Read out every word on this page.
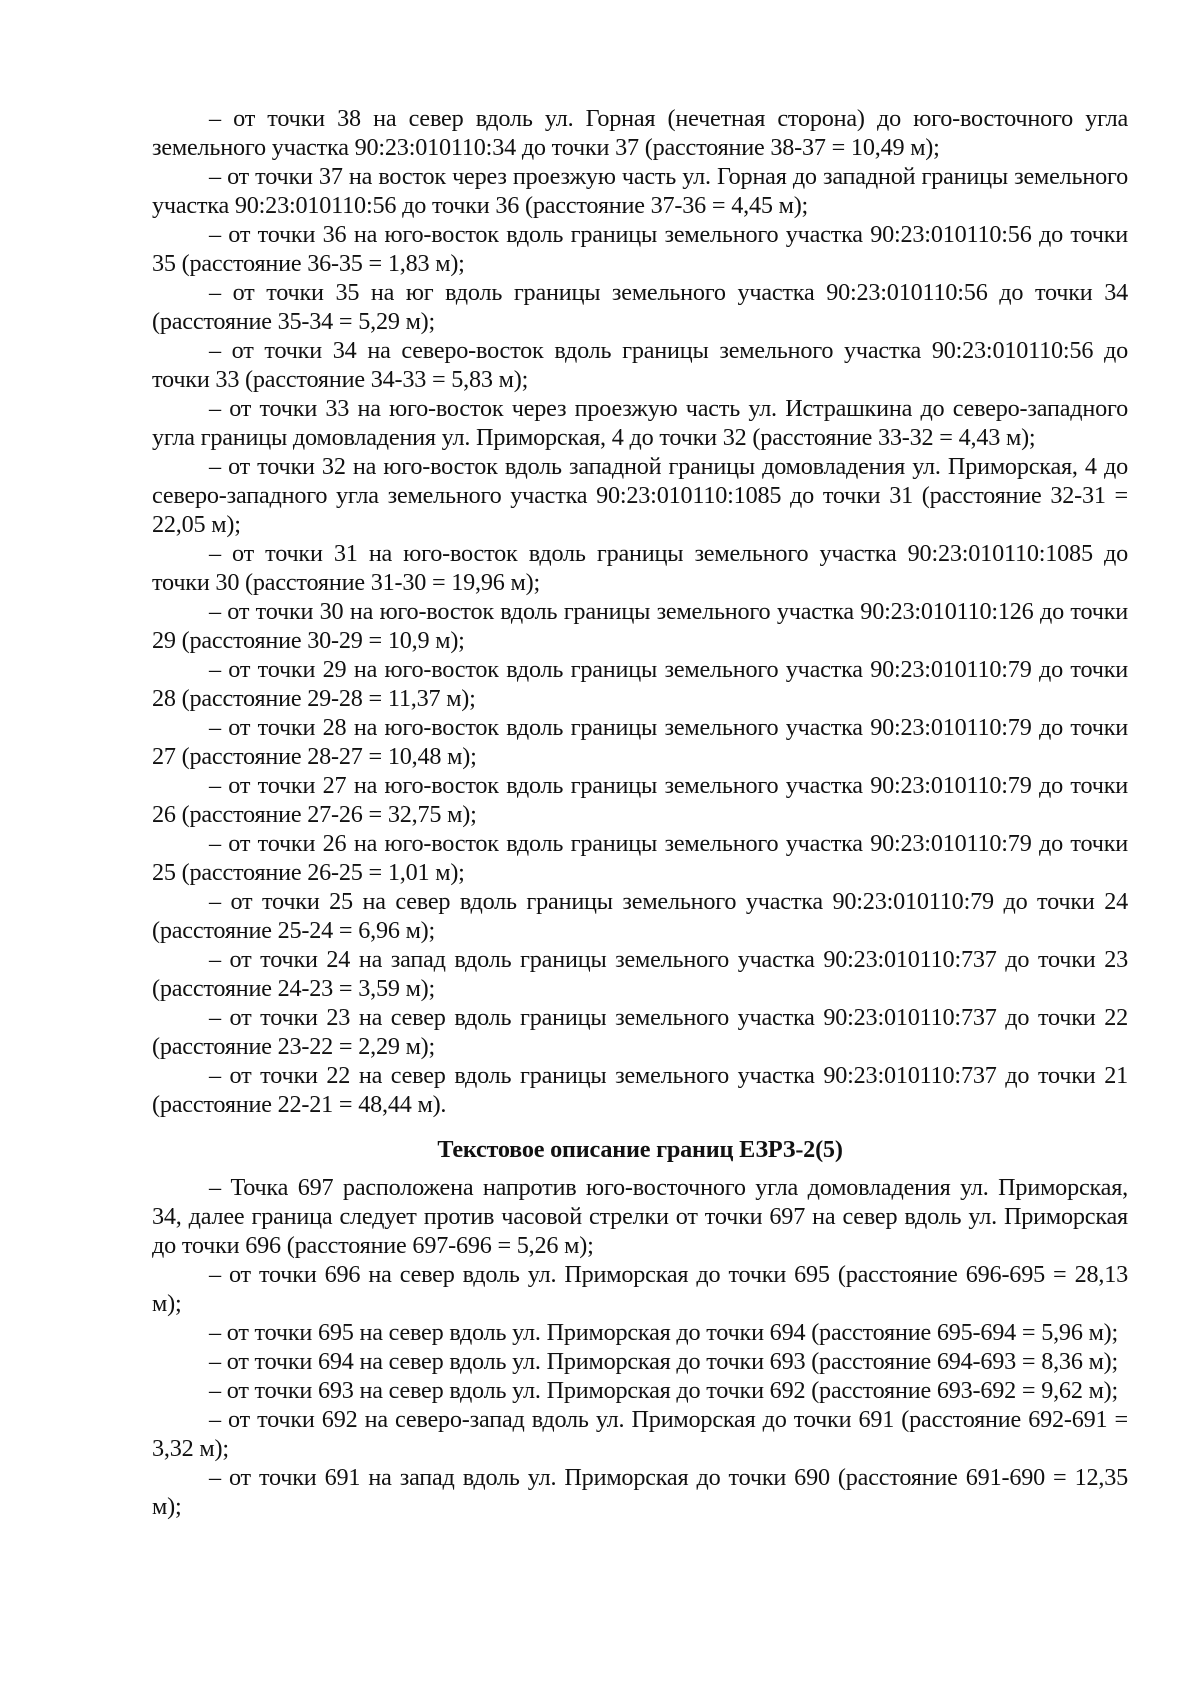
– от точки 38 на север вдоль ул. Горная (нечетная сторона) до юго-восточного угла земельного участка 90:23:010110:34 до точки 37 (расстояние 38-37 = 10,49 м);

– от точки 37 на восток через проезжую часть ул. Горная до западной границы земельного участка 90:23:010110:56 до точки 36 (расстояние 37-36 = 4,45 м);

– от точки 36 на юго-восток вдоль границы земельного участка 90:23:010110:56 до точки 35 (расстояние 36-35 = 1,83 м);

– от точки 35 на юг вдоль границы земельного участка 90:23:010110:56 до точки 34 (расстояние 35-34 = 5,29 м);

– от точки 34 на северо-восток вдоль границы земельного участка 90:23:010110:56 до точки 33 (расстояние 34-33 = 5,83 м);

– от точки 33 на юго-восток через проезжую часть ул. Истрашкина до северо-западного угла границы домовладения ул. Приморская, 4 до точки 32 (расстояние 33-32 = 4,43 м);

– от точки 32 на юго-восток вдоль западной границы домовладения ул. Приморская, 4 до северо-западного угла земельного участка 90:23:010110:1085 до точки 31 (расстояние 32-31 = 22,05 м);

– от точки 31 на юго-восток вдоль границы земельного участка 90:23:010110:1085 до точки 30 (расстояние 31-30 = 19,96 м);

– от точки 30 на юго-восток вдоль границы земельного участка 90:23:010110:126 до точки 29 (расстояние 30-29 = 10,9 м);

– от точки 29 на юго-восток вдоль границы земельного участка 90:23:010110:79 до точки 28 (расстояние 29-28 = 11,37 м);

– от точки 28 на юго-восток вдоль границы земельного участка 90:23:010110:79 до точки 27 (расстояние 28-27 = 10,48 м);

– от точки 27 на юго-восток вдоль границы земельного участка 90:23:010110:79 до точки 26 (расстояние 27-26 = 32,75 м);

– от точки 26 на юго-восток вдоль границы земельного участка 90:23:010110:79 до точки 25 (расстояние 26-25 = 1,01 м);

– от точки 25 на север вдоль границы земельного участка 90:23:010110:79 до точки 24 (расстояние 25-24 = 6,96 м);

– от точки 24 на запад вдоль границы земельного участка 90:23:010110:737 до точки 23 (расстояние 24-23 = 3,59 м);

– от точки 23 на север вдоль границы земельного участка 90:23:010110:737 до точки 22 (расстояние 23-22 = 2,29 м);

– от точки 22 на север вдоль границы земельного участка 90:23:010110:737 до точки 21 (расстояние 22-21 = 48,44 м).

Текстовое описание границ ЕЗРЗ-2(5)

– Точка 697 расположена напротив юго-восточного угла домовладения ул. Приморская, 34, далее граница следует против часовой стрелки от точки 697 на север вдоль ул. Приморская до точки 696 (расстояние 697-696 = 5,26 м);

– от точки 696 на север вдоль ул. Приморская до точки 695 (расстояние 696-695 = 28,13 м);

– от точки 695 на север вдоль ул. Приморская до точки 694 (расстояние 695-694 = 5,96 м);

– от точки 694 на север вдоль ул. Приморская до точки 693 (расстояние 694-693 = 8,36 м);

– от точки 693 на север вдоль ул. Приморская до точки 692 (расстояние 693-692 = 9,62 м);

– от точки 692 на северо-запад вдоль ул. Приморская до точки 691 (расстояние 692-691 = 3,32 м);

– от точки 691 на запад вдоль ул. Приморская до точки 690 (расстояние 691-690 = 12,35 м);
